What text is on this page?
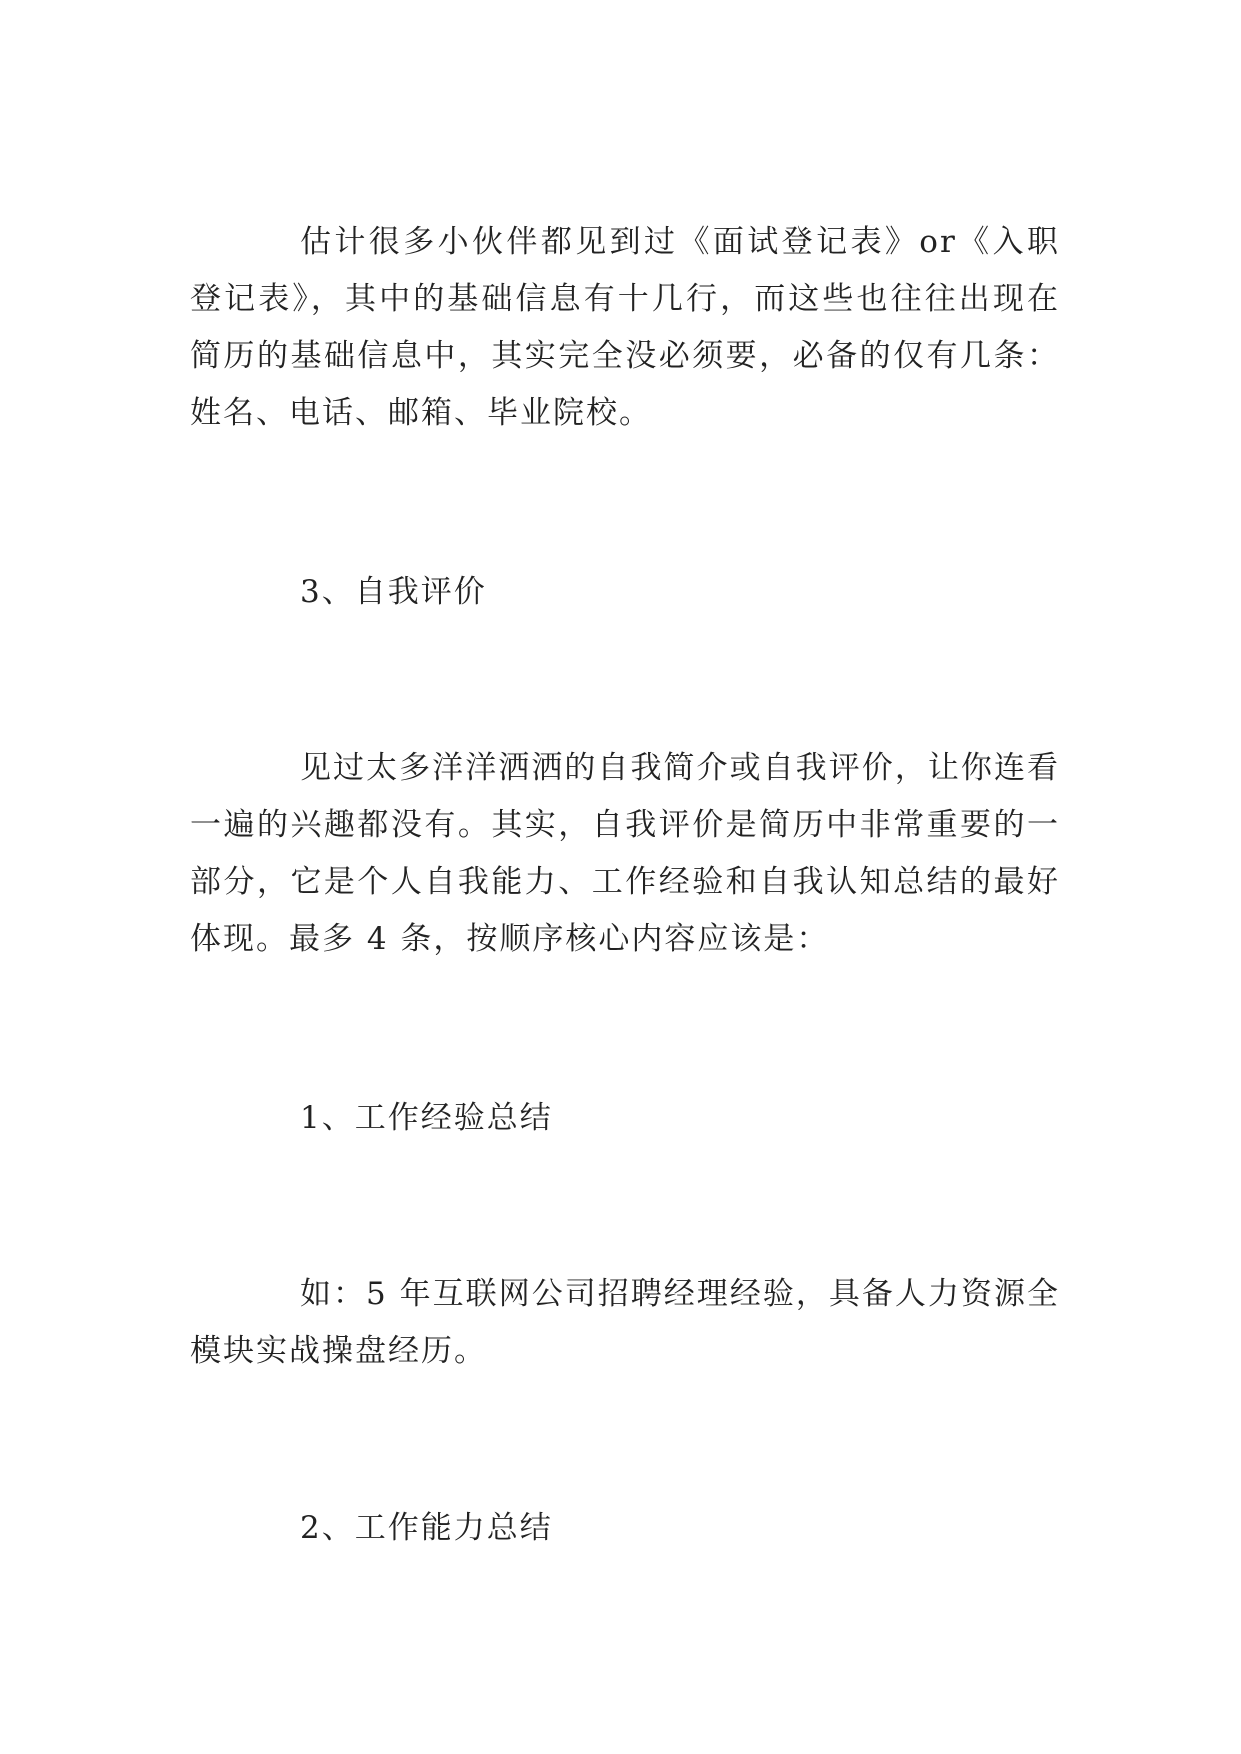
估计很多小伙伴都见到过《面试登记表》or《入职登记表》，其中的基础信息有十几行，而这些也往往出现在简历的基础信息中，其实完全没必须要，必备的仅有几条：姓名、电话、邮箱、毕业院校。

3、自我评价

见过太多洋洋洒洒的自我简介或自我评价，让你连看一遍的兴趣都没有。其实，自我评价是简历中非常重要的一部分，它是个人自我能力、工作经验和自我认知总结的最好体现。最多 4 条，按顺序核心内容应该是：

1、工作经验总结

如：5 年互联网公司招聘经理经验，具备人力资源全模块实战操盘经历。

2、工作能力总结
